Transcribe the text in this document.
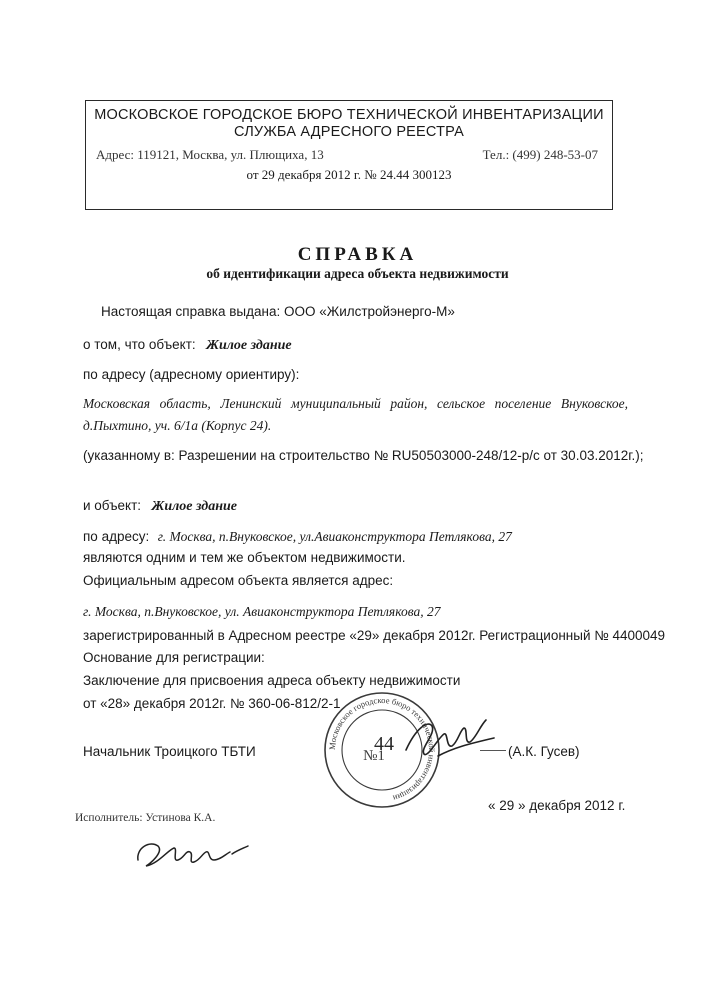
МОСКОВСКОЕ ГОРОДСКОЕ БЮРО ТЕХНИЧЕСКОЙ ИНВЕНТАРИЗАЦИИ
СЛУЖБА АДРЕСНОГО РЕЕСТРА
Адрес: 119121, Москва, ул. Плющиха, 13	Тел.: (499) 248-53-07
от 29 декабря 2012 г. № 24.44 300123
СПРАВКА
об идентификации адреса объекта недвижимости
Настоящая справка выдана: ООО «Жилстройэнерго-М»
о том, что объект: Жилое здание
по адресу (адресному ориентиру):
Московская область, Ленинский муниципальный район, сельское поселение Внуковское,
д.Пыхтино, уч. 6/1а (Корпус 24).
(указанному в: Разрешении на строительство № RU50503000-248/12-р/с от 30.03.2012г.);
и объект: Жилое здание
по адресу: г. Москва, п.Внуковское, ул.Авиаконструктора Петлякова, 27
являются одним и тем же объектом недвижимости.
Официальным адресом объекта является адрес:
г. Москва, п.Внуковское, ул. Авиаконструктора Петлякова, 27
зарегистрированный в Адресном реестре «29» декабря 2012г. Регистрационный № 4400049
Основание для регистрации:
Заключение для присвоения адреса объекту недвижимости
от «28» декабря 2012г. № 360-06-812/2-1
Начальник Троицкого ТБТИ	(А.К. Гусев)
Московское городское бюро технической инвентаризации
№1
44
« 29 » декабря 2012 г.
Исполнитель: Устинова К.А.
